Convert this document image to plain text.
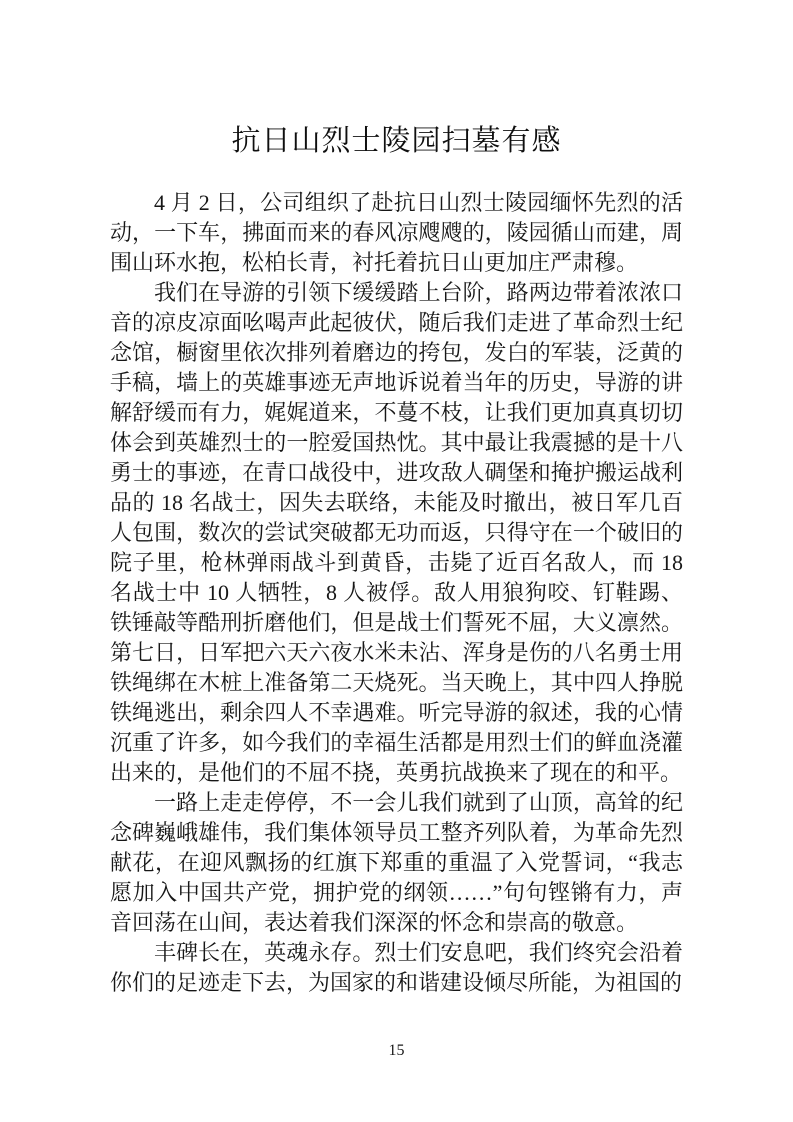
抗日山烈士陵园扫墓有感

4 月 2 日，公司组织了赴抗日山烈士陵园缅怀先烈的活动，一下车，拂面而来的春风凉飕飕的，陵园循山而建，周围山环水抱，松柏长青，衬托着抗日山更加庄严肃穆。

我们在导游的引领下缓缓踏上台阶，路两边带着浓浓口音的凉皮凉面吆喝声此起彼伏，随后我们走进了革命烈士纪念馆，橱窗里依次排列着磨边的挎包，发白的军装，泛黄的手稿，墙上的英雄事迹无声地诉说着当年的历史，导游的讲解舒缓而有力，娓娓道来，不蔓不枝，让我们更加真真切切体会到英雄烈士的一腔爱国热忱。其中最让我震撼的是十八勇士的事迹，在青口战役中，进攻敌人碉堡和掩护搬运战利品的 18 名战士，因失去联络，未能及时撤出，被日军几百人包围，数次的尝试突破都无功而返，只得守在一个破旧的院子里，枪林弹雨战斗到黄昏，击毙了近百名敌人，而 18 名战士中 10 人牺牲，8 人被俘。敌人用狼狗咬、钉鞋踢、铁锤敲等酷刑折磨他们，但是战士们誓死不屈，大义凛然。第七日，日军把六天六夜水米未沾、浑身是伤的八名勇士用铁绳绑在木桩上准备第二天烧死。当天晚上，其中四人挣脱铁绳逃出，剩余四人不幸遇难。听完导游的叙述，我的心情沉重了许多，如今我们的幸福生活都是用烈士们的鲜血浇灌出来的，是他们的不屈不挠，英勇抗战换来了现在的和平。

一路上走走停停，不一会儿我们就到了山顶，高耸的纪念碑巍峨雄伟，我们集体领导员工整齐列队着，为革命先烈献花，在迎风飘扬的红旗下郑重的重温了入党誓词，“我志愿加入中国共产党，拥护党的纲领……”句句铿锵有力，声音回荡在山间，表达着我们深深的怀念和崇高的敬意。

丰碑长在，英魂永存。烈士们安息吧，我们终究会沿着你们的足迹走下去，为国家的和谐建设倾尽所能，为祖国的

15
